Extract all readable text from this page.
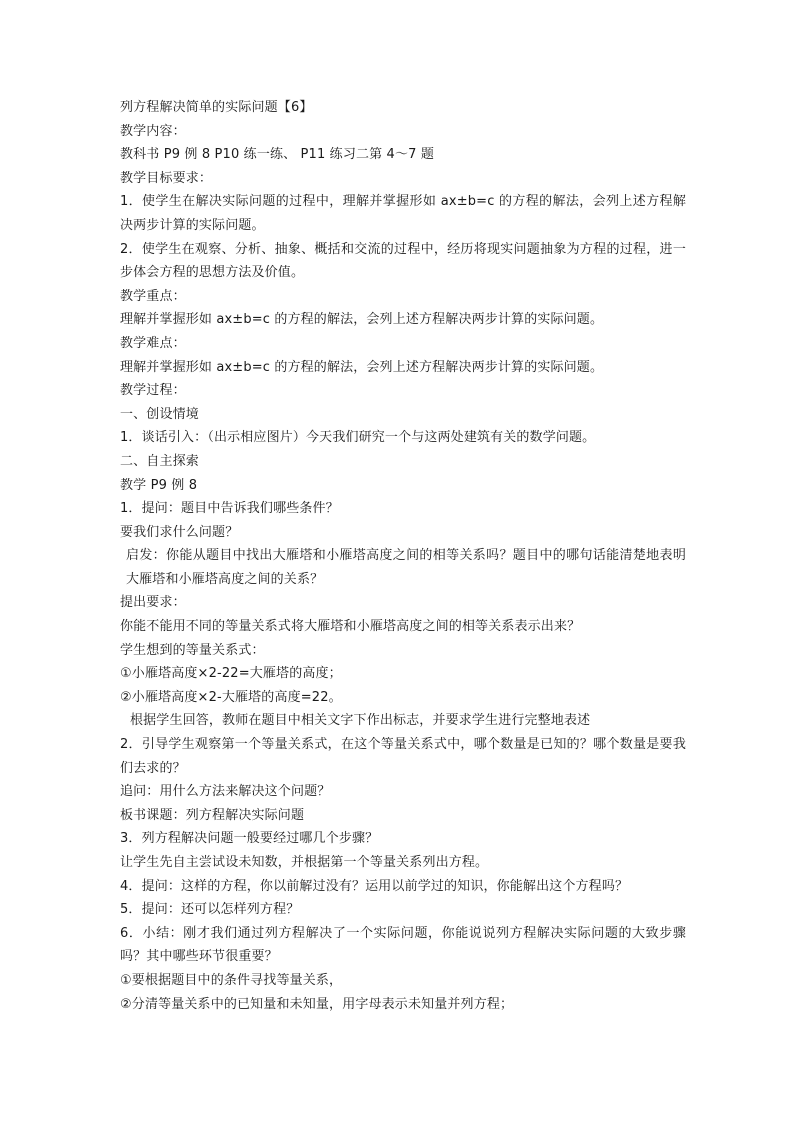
列方程解决简单的实际问题【6】
教学内容：
教科书 P9 例 8 P10 练一练、 P11 练习二第 4～7 题
教学目标要求：
1．使学生在解决实际问题的过程中，理解并掌握形如 ax±b=c 的方程的解法，会列上述方程解决两步计算的实际问题。
2．使学生在观察、分析、抽象、概括和交流的过程中，经历将现实问题抽象为方程的过程，进一步体会方程的思想方法及价值。
教学重点：
理解并掌握形如 ax±b=c 的方程的解法，会列上述方程解决两步计算的实际问题。
教学难点：
理解并掌握形如 ax±b=c 的方程的解法，会列上述方程解决两步计算的实际问题。
教学过程：
一、创设情境
1．谈话引入：（出示相应图片）今天我们研究一个与这两处建筑有关的数学问题。
二、自主探索
教学 P9 例 8
1．提问：题目中告诉我们哪些条件？
要我们求什么问题？
启发：你能从题目中找出大雁塔和小雁塔高度之间的相等关系吗？题目中的哪句话能清楚地表明大雁塔和小雁塔高度之间的关系？
提出要求：
你能不能用不同的等量关系式将大雁塔和小雁塔高度之间的相等关系表示出来？
学生想到的等量关系式：
①小雁塔高度×2-22=大雁塔的高度；
②小雁塔高度×2-大雁塔的高度=22。
根据学生回答，教师在题目中相关文字下作出标志，并要求学生进行完整地表述
2．引导学生观察第一个等量关系式，在这个等量关系式中，哪个数量是已知的？哪个数量是要我们去求的？
追问：用什么方法来解决这个问题？
板书课题：列方程解决实际问题
3．列方程解决问题一般要经过哪几个步骤？
让学生先自主尝试设未知数，并根据第一个等量关系列出方程。
4．提问：这样的方程，你以前解过没有？运用以前学过的知识，你能解出这个方程吗？
5．提问：还可以怎样列方程？
6．小结：刚才我们通过列方程解决了一个实际问题，你能说说列方程解决实际问题的大致步骤吗？其中哪些环节很重要？
①要根据题目中的条件寻找等量关系，
②分清等量关系中的已知量和未知量，用字母表示未知量并列方程；
